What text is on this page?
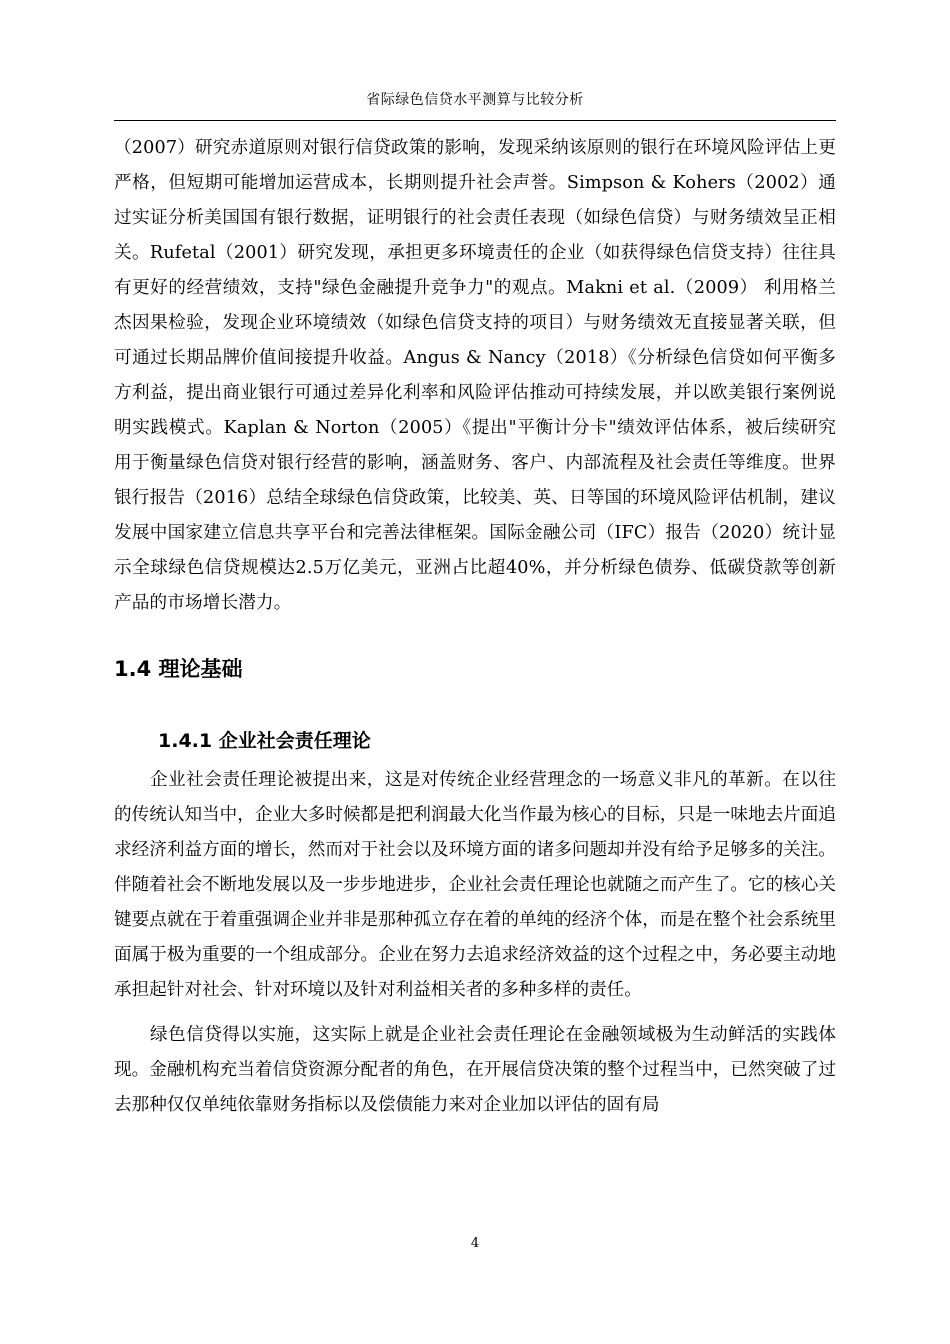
省际绿色信贷水平测算与比较分析

（2007）研究赤道原则对银行信贷政策的影响，发现采纳该原则的银行在环境风险评估上更严格，但短期可能增加运营成本，长期则提升社会声誉。Simpson & Kohers（2002）通过实证分析美国国有银行数据，证明银行的社会责任表现（如绿色信贷）与财务绩效呈正相关。Rufetal（2001）研究发现，承担更多环境责任的企业（如获得绿色信贷支持）往往具有更好的经营绩效，支持"绿色金融提升竞争力"的观点。Makni et al.（2009） 利用格兰杰因果检验，发现企业环境绩效（如绿色信贷支持的项目）与财务绩效无直接显著关联，但可通过长期品牌价值间接提升收益。Angus & Nancy（2018）《分析绿色信贷如何平衡多方利益，提出商业银行可通过差异化利率和风险评估推动可持续发展，并以欧美银行案例说明实践模式。Kaplan & Norton（2005）《提出"平衡计分卡"绩效评估体系，被后续研究用于衡量绿色信贷对银行经营的影响，涵盖财务、客户、内部流程及社会责任等维度。世界银行报告（2016）总结全球绿色信贷政策，比较美、英、日等国的环境风险评估机制，建议发展中国家建立信息共享平台和完善法律框架。国际金融公司（IFC）报告（2020）统计显示全球绿色信贷规模达2.5万亿美元，亚洲占比超40%，并分析绿色债券、低碳贷款等创新产品的市场增长潜力。

1.4 理论基础
1.4.1 企业社会责任理论

企业社会责任理论被提出来，这是对传统企业经营理念的一场意义非凡的革新。在以往的传统认知当中，企业大多时候都是把利润最大化当作最为核心的目标，只是一味地去片面追求经济利益方面的增长，然而对于社会以及环境方面的诸多问题却并没有给予足够多的关注。伴随着社会不断地发展以及一步步地进步，企业社会责任理论也就随之而产生了。它的核心关键要点就在于着重强调企业并非是那种孤立存在着的单纯的经济个体，而是在整个社会系统里面属于极为重要的一个组成部分。企业在努力去追求经济效益的这个过程之中，务必要主动地承担起针对社会、针对环境以及针对利益相关者的多种多样的责任。

绿色信贷得以实施，这实际上就是企业社会责任理论在金融领域极为生动鲜活的实践体现。金融机构充当着信贷资源分配者的角色，在开展信贷决策的整个过程当中，已然突破了过去那种仅仅单纯依靠财务指标以及偿债能力来对企业加以评估的固有局

4
